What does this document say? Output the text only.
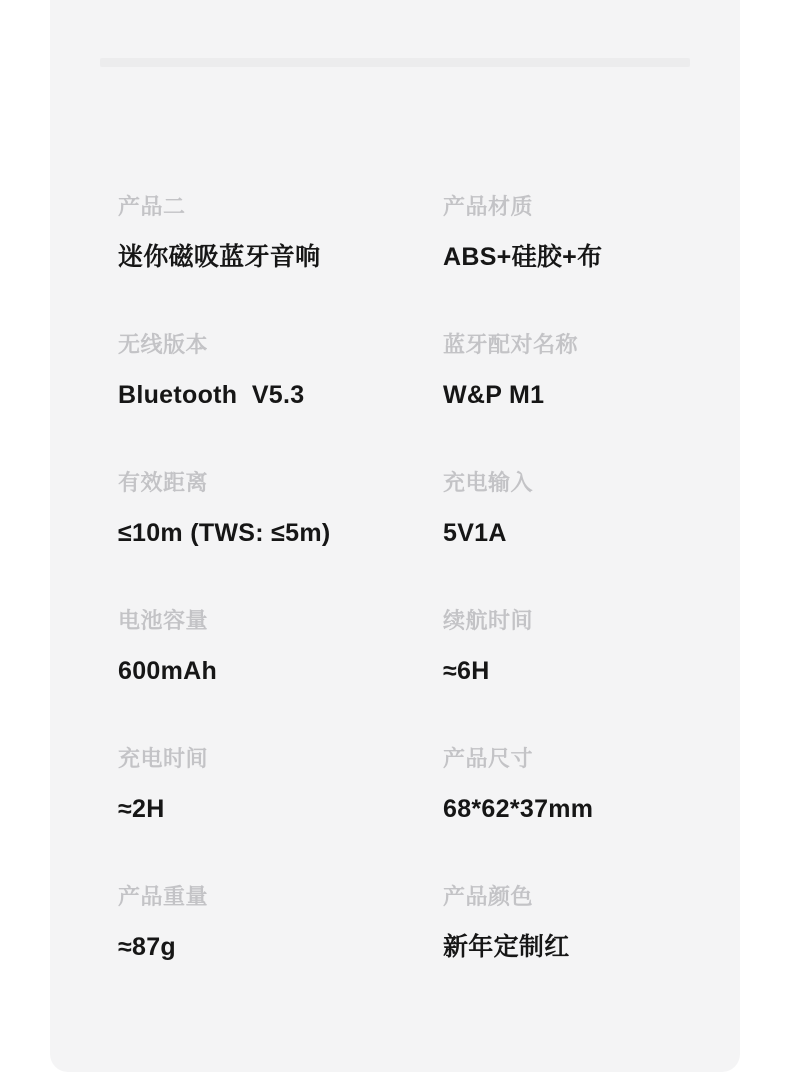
产品二
迷你磁吸蓝牙音响
产品材质
ABS+硅胶+布
无线版本
Bluetooth  V5.3
蓝牙配对名称
W&P M1
有效距离
≤10m (TWS: ≤5m)
充电输入
5V1A
电池容量
600mAh
续航时间
≈6H
充电时间
≈2H
产品尺寸
68*62*37mm
产品重量
≈87g
产品颜色
新年定制红
